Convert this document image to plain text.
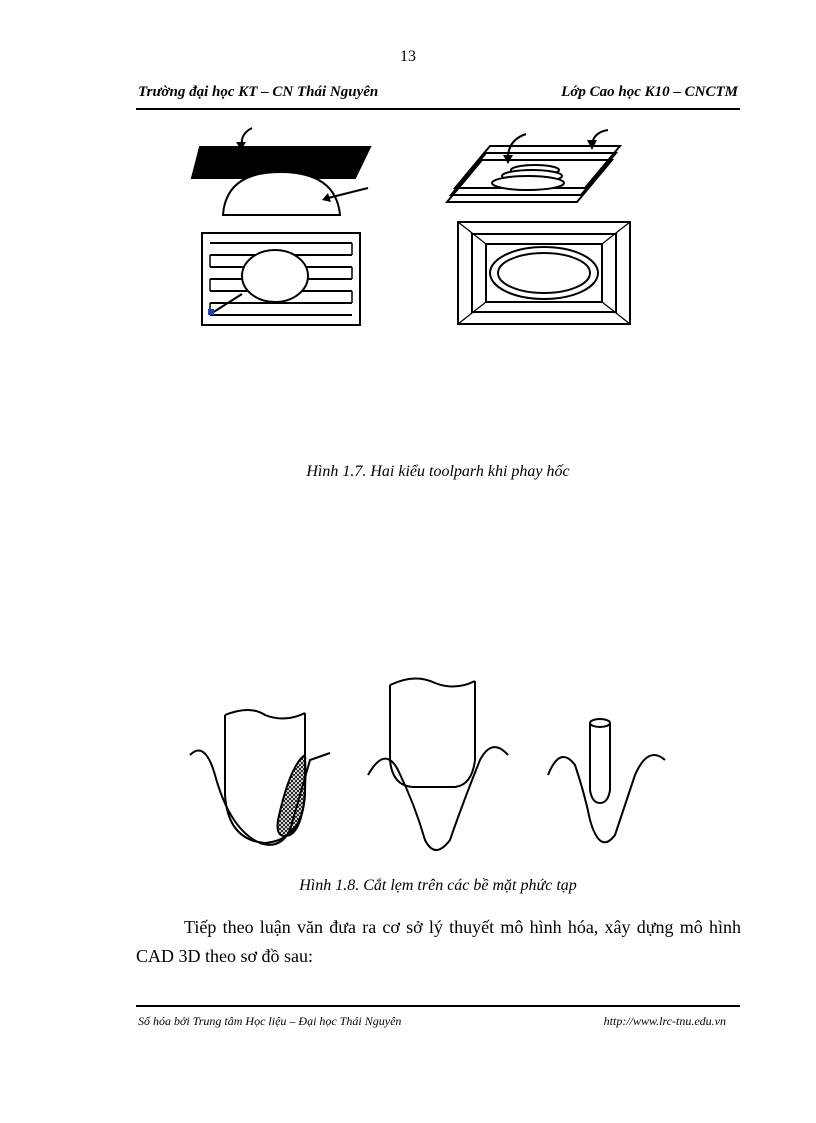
13
Trường đại học KT – CN Thái Nguyên	Lớp Cao học K10 – CNCTM
Hình 1.7. Hai kiểu toolparh khi phay hốc
Hình 1.8. Cắt lẹm trên các bề mặt phức tạp
Tiếp theo luận văn đưa ra cơ sở lý thuyết mô hình hóa, xây dựng mô hình CAD 3D theo sơ đồ sau:
Số hóa bởi Trung tâm Học liệu – Đại học Thái Nguyên	http://www.lrc-tnu.edu.vn
